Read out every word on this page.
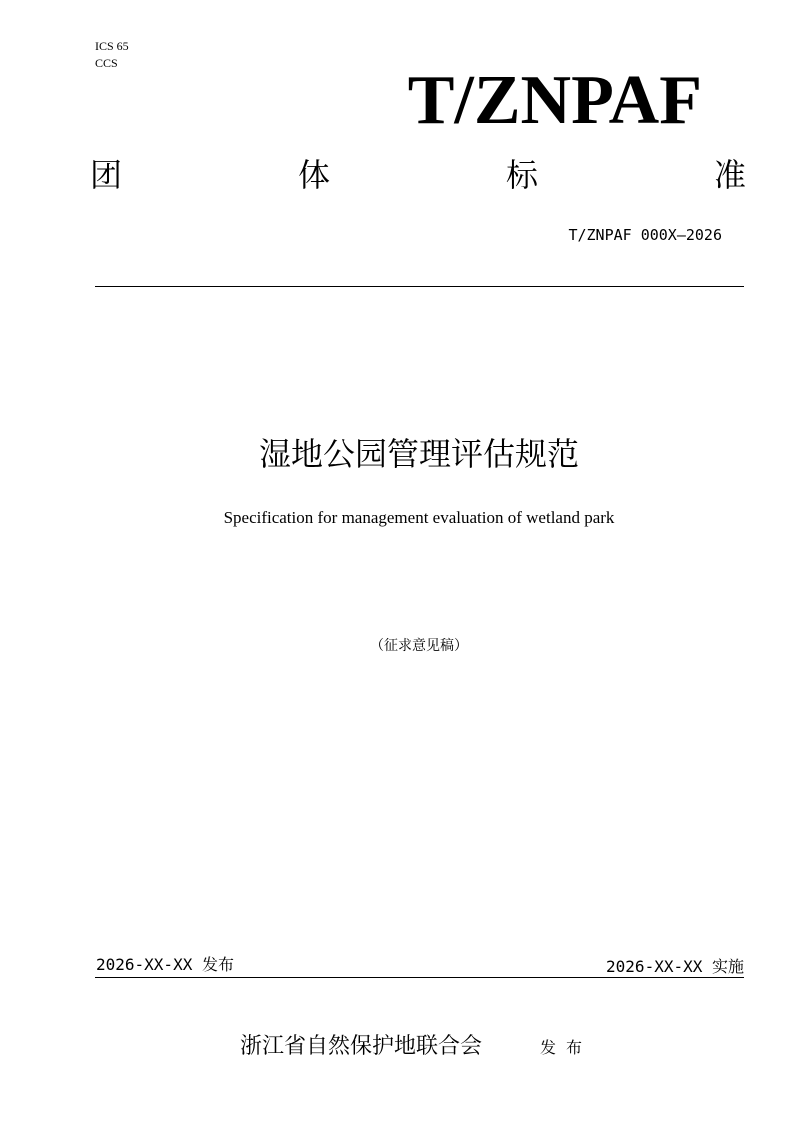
ICS 65
CCS	T/ZNPAF
团	体	标	准
T/ZNPAF 000X—2026
湿地公园管理评估规范
Specification for management evaluation of wetland park
（征求意见稿）
2026-XX-XX 发布	2026-XX-XX 实施
浙江省自然保护地联合会	发布
